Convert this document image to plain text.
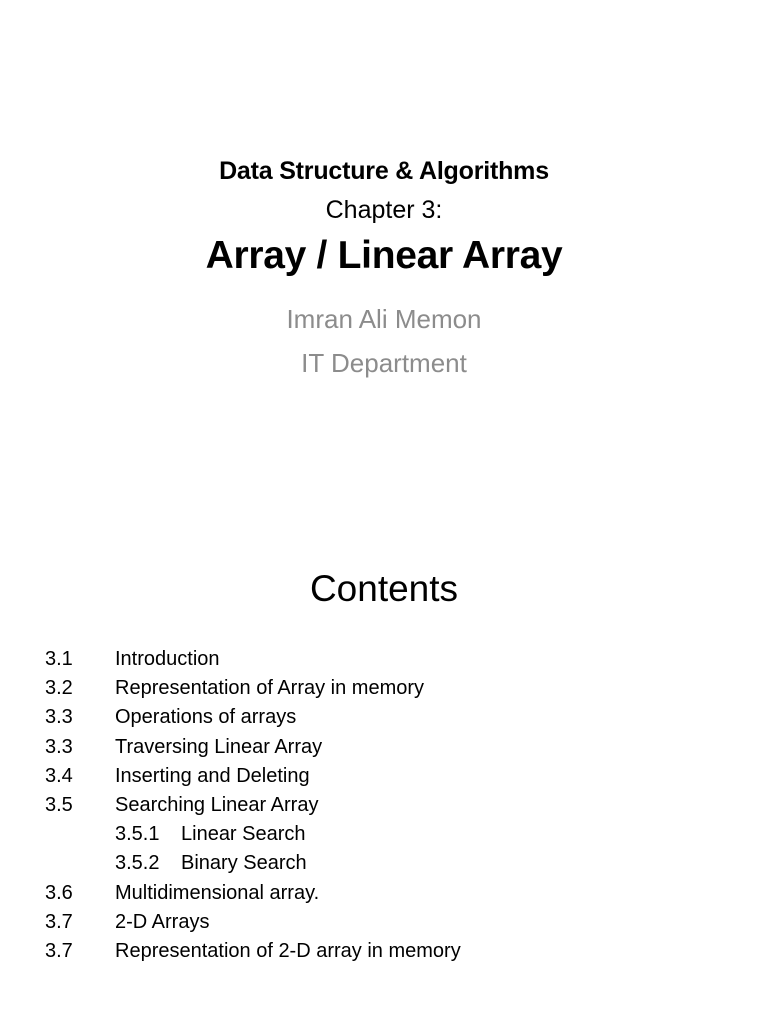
Data Structure & Algorithms
Chapter 3:
Array / Linear Array
Imran Ali Memon
IT Department
Contents
3.1 Introduction
3.2 Representation of Array in memory
3.3 Operations of arrays
3.3 Traversing Linear Array
3.4 Inserting and Deleting
3.5 Searching Linear Array
3.5.1 Linear Search
3.5.2 Binary Search
3.6 Multidimensional array.
3.7 2-D Arrays
3.7 Representation of 2-D array in memory
